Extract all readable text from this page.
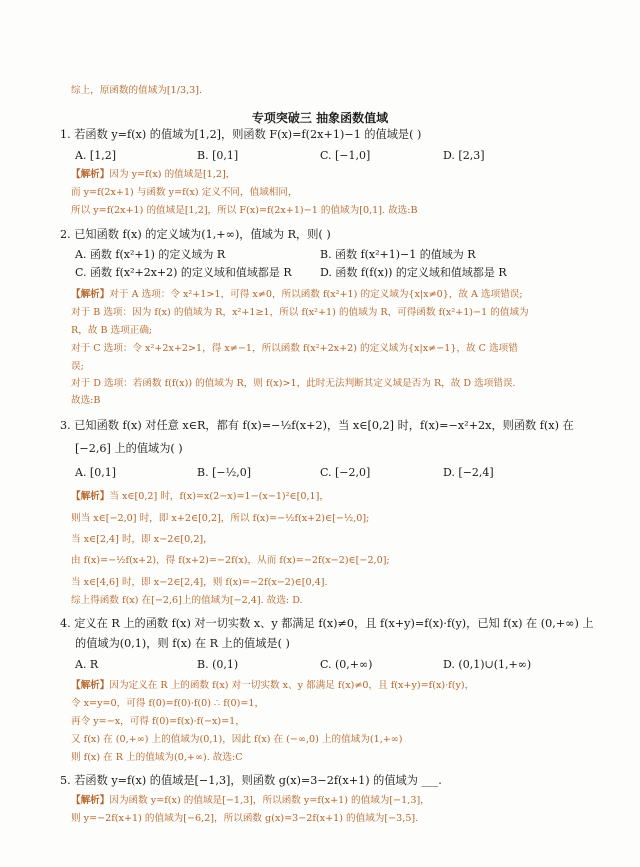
综上，原函数的值域为[1/3,3].
专项突破三 抽象函数值域
1. 若函数 y=f(x) 的值域为[1,2]，则函数 F(x)=f(2x+1)−1 的值域是( )
A. [1,2]	B. [0,1]	C. [−1,0]	D. [2,3]
【解析】因为 y=f(x) 的值域是[1,2]，
而 y=f(2x+1) 与函数 y=f(x) 定义不同，值域相同，
所以 y=f(2x+1) 的值域是[1,2]，所以 F(x)=f(2x+1)−1 的值域为[0,1]. 故选:B
2. 已知函数 f(x) 的定义域为(1,+∞)，值域为 R，则( )
A. 函数 f(x²+1) 的定义域为 R	B. 函数 f(x²+1)−1 的值域为 R
C. 函数 f(x²+2x+2) 的定义域和值域都是 R	D. 函数 f(f(x)) 的定义域和值域都是 R
【解析】对于 A 选项：令 x²+1>1，可得 x≠0，所以函数 f(x²+1) 的定义域为{x|x≠0}，故 A 选项错误;
对于 B 选项：因为 f(x) 的值域为 R，x²+1≥1，所以 f(x²+1) 的值域为 R，可得函数 f(x²+1)−1 的值域为
R，故 B 选项正确;
对于 C 选项：令 x²+2x+2>1，得 x≠−1，所以函数 f(x²+2x+2) 的定义域为{x|x≠−1}，故 C 选项错
误;
对于 D 选项：若函数 f(f(x)) 的值域为 R，则 f(x)>1，此时无法判断其定义域是否为 R，故 D 选项错误.
故选:B
3. 已知函数 f(x) 对任意 x∈R，都有 f(x)=−½f(x+2)，当 x∈[0,2] 时，f(x)=−x²+2x，则函数 f(x) 在
[−2,6] 上的值域为( )
A. [0,1]	B. [−½,0]	C. [−2,0]	D. [−2,4]
【解析】当 x∈[0,2] 时，f(x)=x(2−x)=1−(x−1)²∈[0,1]，
则当 x∈[−2,0] 时，即 x+2∈[0,2]，所以 f(x)=−½f(x+2)∈[−½,0];
当 x∈[2,4] 时，即 x−2∈[0,2]，
由 f(x)=−½f(x+2)，得 f(x+2)=−2f(x)，从而 f(x)=−2f(x−2)∈[−2,0];
当 x∈[4,6] 时，即 x−2∈[2,4]，则 f(x)=−2f(x−2)∈[0,4].
综上得函数 f(x) 在[−2,6]上的值域为[−2,4]. 故选: D.
4. 定义在 R 上的函数 f(x) 对一切实数 x、y 都满足 f(x)≠0，且 f(x+y)=f(x)·f(y)，已知 f(x) 在 (0,+∞) 上
的值域为(0,1)，则 f(x) 在 R 上的值域是( )
A. R	B. (0,1)	C. (0,+∞)	D. (0,1)∪(1,+∞)
【解析】因为定义在 R 上的函数 f(x) 对一切实数 x、y 都满足 f(x)≠0，且 f(x+y)=f(x)·f(y)，
令 x=y=0，可得 f(0)=f(0)·f(0) ∴ f(0)=1，
再令 y=−x，可得 f(0)=f(x)·f(−x)=1，
又 f(x) 在 (0,+∞) 上的值域为(0,1)，因此 f(x) 在 (−∞,0) 上的值域为(1,+∞)
则 f(x) 在 R 上的值域为(0,+∞). 故选:C
5. 若函数 y=f(x) 的值域是[−1,3]，则函数 g(x)=3−2f(x+1) 的值域为 ___.
【解析】因为函数 y=f(x) 的值域是[−1,3]，所以函数 y=f(x+1) 的值域为[−1,3]，
则 y=−2f(x+1) 的值域为[−6,2]，所以函数 g(x)=3−2f(x+1) 的值域为[−3,5].
